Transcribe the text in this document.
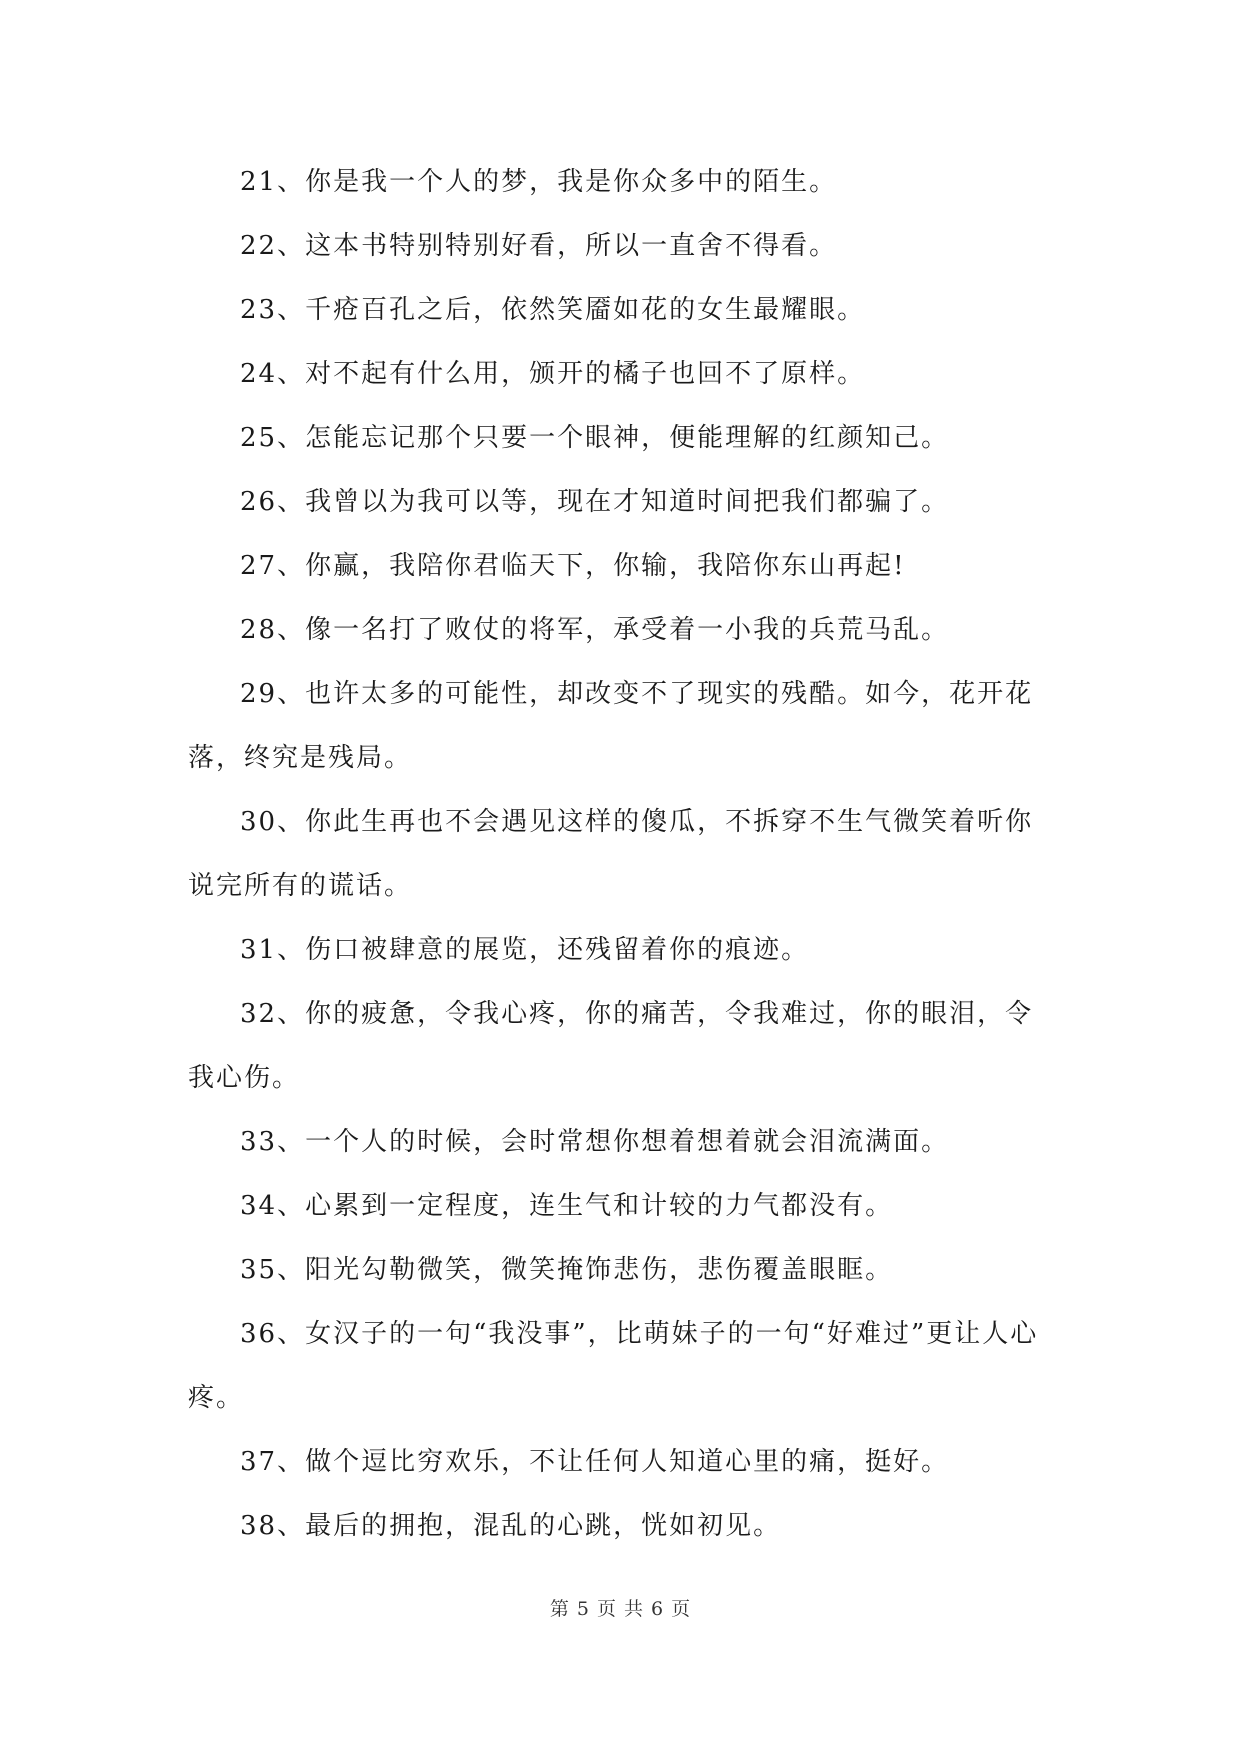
21、你是我一个人的梦，我是你众多中的陌生。

22、这本书特别特别好看，所以一直舍不得看。

23、千疮百孔之后，依然笑靥如花的女生最耀眼。

24、对不起有什么用，颁开的橘子也回不了原样。

25、怎能忘记那个只要一个眼神，便能理解的红颜知己。

26、我曾以为我可以等，现在才知道时间把我们都骗了。

27、你赢，我陪你君临天下，你输，我陪你东山再起!

28、像一名打了败仗的将军，承受着一小我的兵荒马乱。

29、也许太多的可能性，却改变不了现实的残酷。如今，花开花落，终究是残局。

30、你此生再也不会遇见这样的傻瓜，不拆穿不生气微笑着听你说完所有的谎话。

31、伤口被肆意的展览，还残留着你的痕迹。

32、你的疲惫，令我心疼，你的痛苦，令我难过，你的眼泪，令我心伤。

33、一个人的时候，会时常想你想着想着就会泪流满面。

34、心累到一定程度，连生气和计较的力气都没有。

35、阳光勾勒微笑，微笑掩饰悲伤，悲伤覆盖眼眶。

36、女汉子的一句“我没事”，比萌妹子的一句“好难过”更让人心疼。

37、做个逗比穷欢乐，不让任何人知道心里的痛，挺好。

38、最后的拥抱，混乱的心跳，恍如初见。

第 5 页 共 6 页
